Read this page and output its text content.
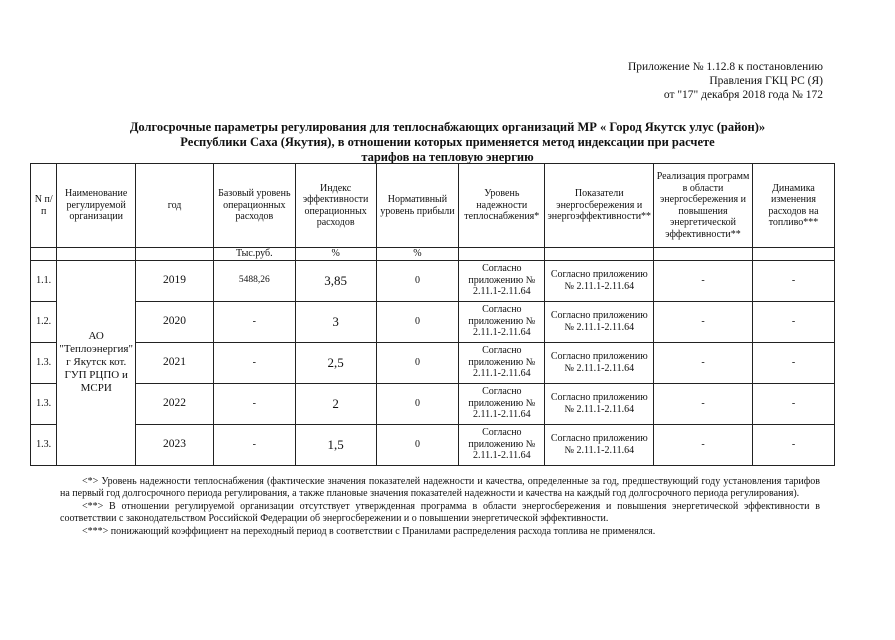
Приложение № 1.12.8 к постановлению
Правления ГКЦ РС (Я)
от "17" декабря 2018 года № 172
Долгосрочные параметры регулирования для теплоснабжающих организаций МР « Город Якутск улус (район)»
Республики Саха (Якутия), в отношении которых применяется метод индексации при расчете
тарифов на тепловую энергию
N п/п	Наименование регулируемой организации	год	Базовый уровень операционных расходов	Индекс эффективности операционных расходов	Нормативный уровень прибыли	Уровень надежности теплоснабжения*	Показатели энергосбережения и энергоэффективности**	Реализация программ в области энергосбережения и повышения энергетической эффективности**	Динамика изменения расходов на топливо***
			Тыс.руб.	%	%				
1.1.	АО "Теплоэнергия" г Якутск кот. ГУП РЦПО и МСРИ	2019	5488,26	3,85	0	Согласно приложению № 2.11.1-2.11.64	Согласно приложению № 2.11.1-2.11.64	-	-
1.2.		2020	-	3	0	Согласно приложению № 2.11.1-2.11.64	Согласно приложению № 2.11.1-2.11.64	-	-
1.3.		2021	-	2,5	0	Согласно приложению № 2.11.1-2.11.64	Согласно приложению № 2.11.1-2.11.64	-	-
1.3.		2022	-	2	0	Согласно приложению № 2.11.1-2.11.64	Согласно приложению № 2.11.1-2.11.64	-	-
1.3.		2023	-	1,5	0	Согласно приложению № 2.11.1-2.11.64	Согласно приложению № 2.11.1-2.11.64	-	-

<*> Уровень надежности теплоснабжения (фактические значения показателей надежности и качества, определенные за год, предшествующий году установления тарифов на первый год долгосрочного периода регулирования, а также плановые значения показателей надежности и качества на каждый год долгосрочного периода регулирования).

<**> В отношении регулируемой организации отсутствует утвержденная программа в области энергосбережения и повышения энергетической эффективности в соответствии с законодательством Российской Федерации об энергосбережении и о повышении энергетической эффективности.

<***> понижающий коэффициент на переходный период в соответствии с Пранилами распределения расхода топлива не применялся.
